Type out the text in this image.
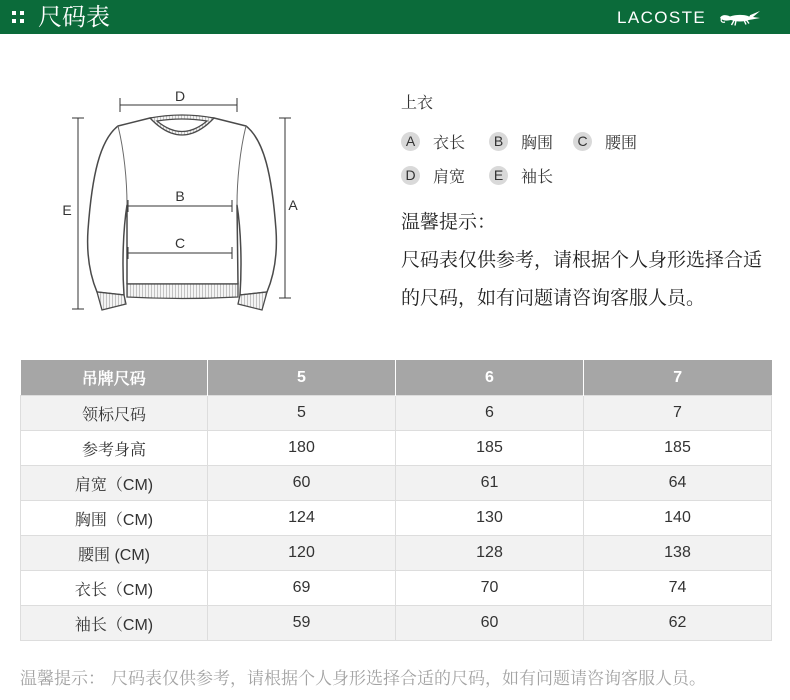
尺码表	LACOSTE
D
E	A
B
C
上衣
A	衣长	B	胸围	C 腰围
D 肩宽	E	袖长
温馨提示：
尺码表仅供参考，请根据个人身形选择合适
的尺码，如有问题请咨询客服人员。
吊牌尺码	5	6	7
领标尺码	5	6	7
参考身高	180	185	185
肩宽（CM)	60	61	64
胸围（CM)	124	130	140
腰围 (CM)	120	128	138
衣长（CM)	69	70	74
袖长（CM)	59	60	62
温馨提示： 尺码表仅供参考，请根据个人身形选择合适的尺码，如有问题请咨询客服人员。
